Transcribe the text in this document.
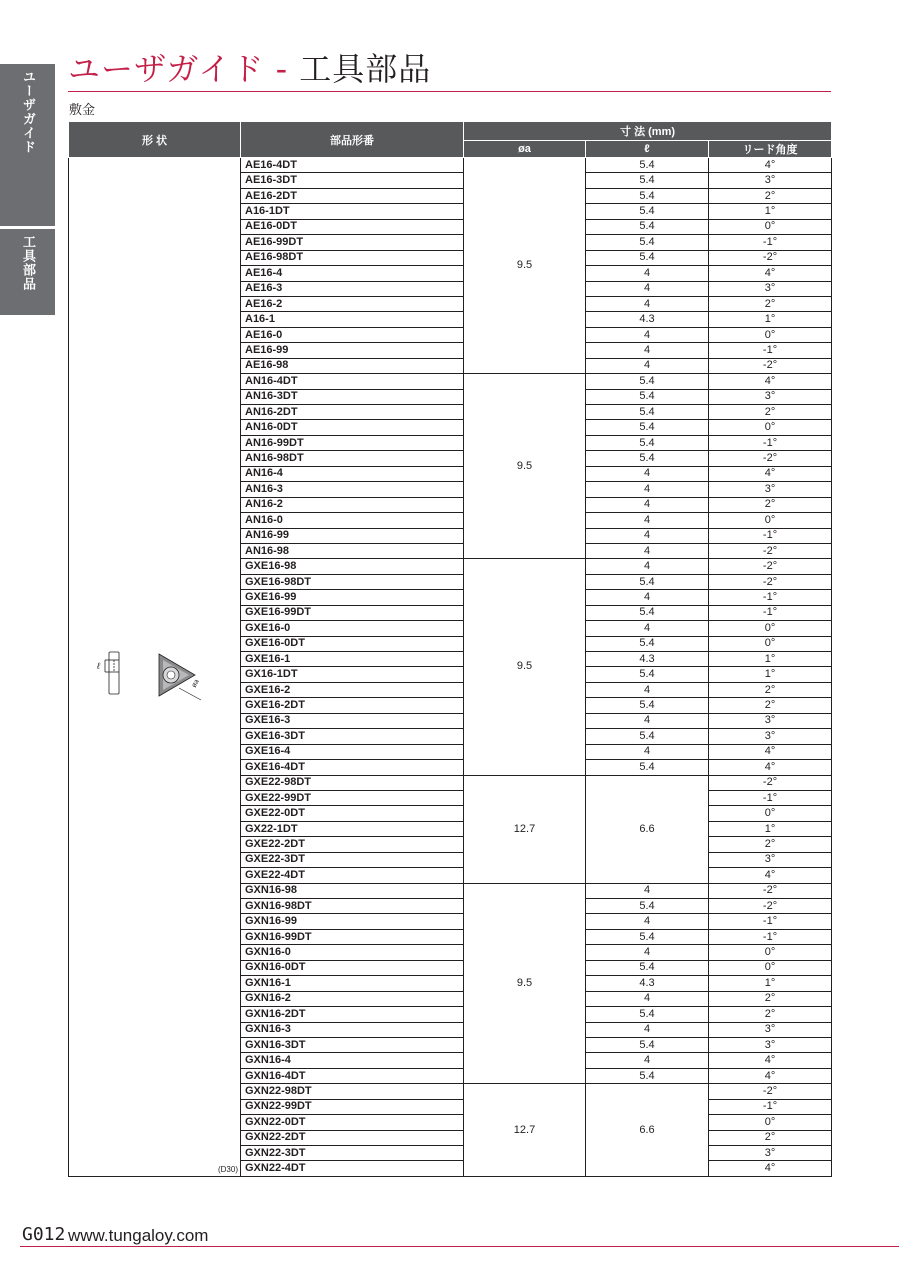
ユーザガイド
工具部品
ユーザガイド - 工具部品
敷金
形 状	部品形番	寸 法 (mm)		
		øa	ℓ	リード角度

ℓ
øa
(D30)	AE16-4DT	9.5	5.4	4°
	AE16-3DT		5.4	3°
	AE16-2DT		5.4	2°
	A16-1DT		5.4	1°
	AE16-0DT		5.4	0°
	AE16-99DT		5.4	-1°
	AE16-98DT		5.4	-2°
	AE16-4		4	4°
	AE16-3		4	3°
	AE16-2		4	2°
	A16-1		4.3	1°
	AE16-0		4	0°
	AE16-99		4	-1°
	AE16-98		4	-2°
	AN16-4DT	9.5	5.4	4°
	AN16-3DT		5.4	3°
	AN16-2DT		5.4	2°
	AN16-0DT		5.4	0°
	AN16-99DT		5.4	-1°
	AN16-98DT		5.4	-2°
	AN16-4		4	4°
	AN16-3		4	3°
	AN16-2		4	2°
	AN16-0		4	0°
	AN16-99		4	-1°
	AN16-98		4	-2°
	GXE16-98	9.5	4	-2°
	GXE16-98DT		5.4	-2°
	GXE16-99		4	-1°
	GXE16-99DT		5.4	-1°
	GXE16-0		4	0°
	GXE16-0DT		5.4	0°
	GXE16-1		4.3	1°
	GX16-1DT		5.4	1°
	GXE16-2		4	2°
	GXE16-2DT		5.4	2°
	GXE16-3		4	3°
	GXE16-3DT		5.4	3°
	GXE16-4		4	4°
	GXE16-4DT		5.4	4°
	GXE22-98DT	12.7	6.6	-2°
	GXE22-99DT			-1°
	GXE22-0DT			0°
	GX22-1DT			1°
	GXE22-2DT			2°
	GXE22-3DT			3°
	GXE22-4DT			4°
	GXN16-98	9.5	4	-2°
	GXN16-98DT		5.4	-2°
	GXN16-99		4	-1°
	GXN16-99DT		5.4	-1°
	GXN16-0		4	0°
	GXN16-0DT		5.4	0°
	GXN16-1		4.3	1°
	GXN16-2		4	2°
	GXN16-2DT		5.4	2°
	GXN16-3		4	3°
	GXN16-3DT		5.4	3°
	GXN16-4		4	4°
	GXN16-4DT		5.4	4°
	GXN22-98DT	12.7	6.6	-2°
	GXN22-99DT			-1°
	GXN22-0DT			0°
	GXN22-2DT			2°
	GXN22-3DT			3°
	GXN22-4DT			4°
G012 www.tungaloy.com
